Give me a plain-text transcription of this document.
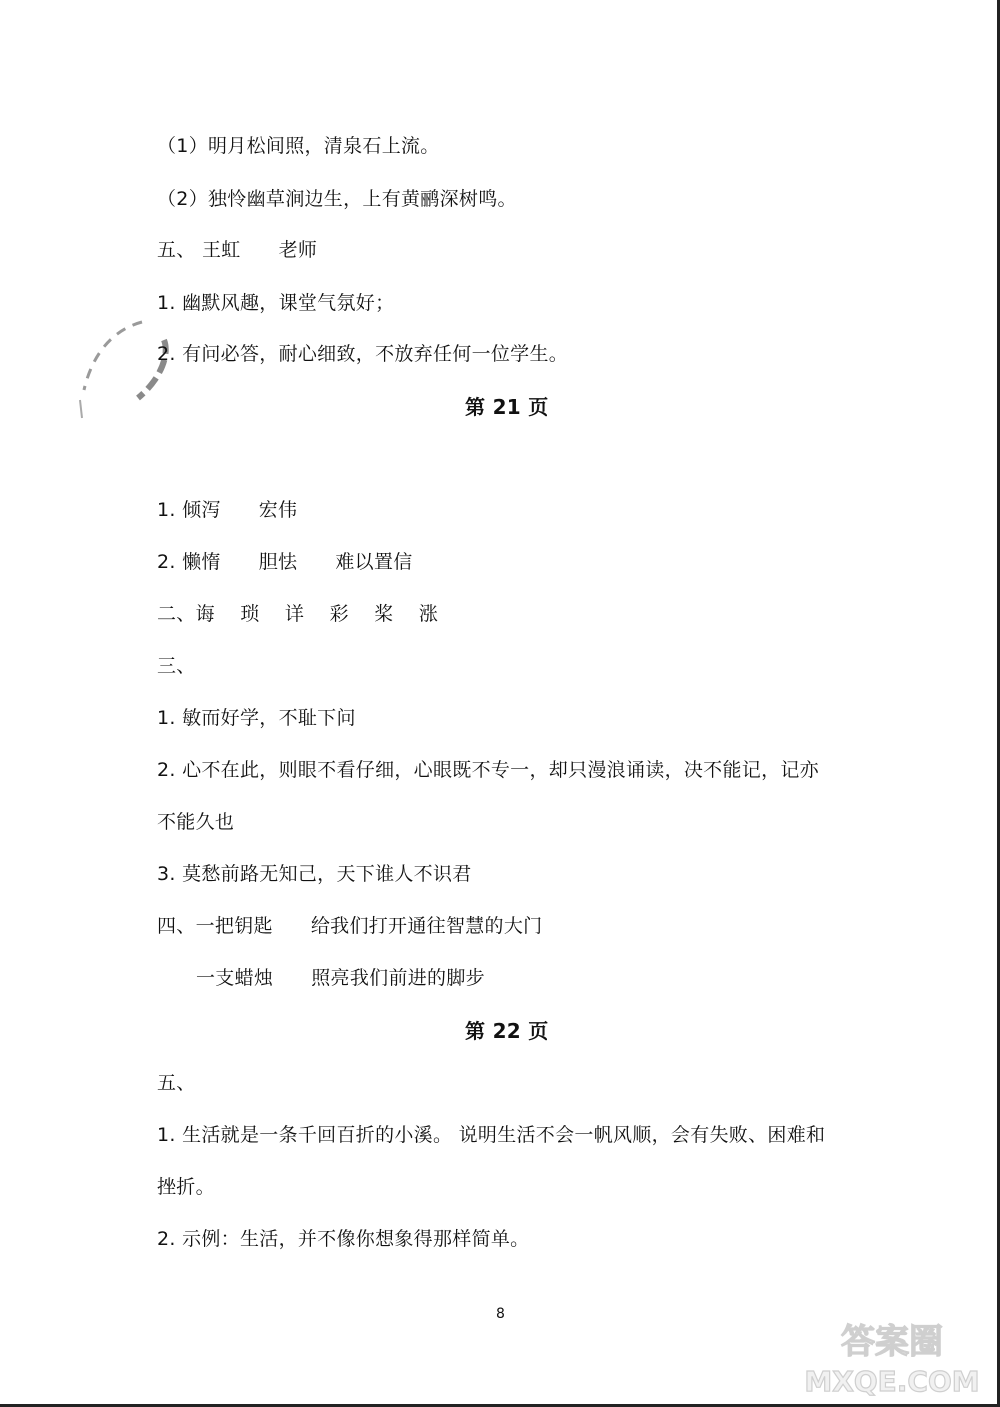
（1）明月松间照，清泉石上流。
（2）独怜幽草涧边生，上有黄鹂深树鸣。
五、 王虹      老师
1. 幽默风趣，课堂气氛好；
2. 有问必答，耐心细致，不放弃任何一位学生。
第 21 页
1. 倾泻      宏伟
2. 懒惰      胆怯      难以置信
二、诲    琐    详    彩    桨    涨
三、
1. 敏而好学，不耻下问
2. 心不在此，则眼不看仔细，心眼既不专一，却只漫浪诵读，决不能记，记亦
不能久也
3. 莫愁前路无知己，天下谁人不识君
四、一把钥匙      给我们打开通往智慧的大门
一支蜡烛      照亮我们前进的脚步
第 22 页
五、
1. 生活就是一条千回百折的小溪。 说明生活不会一帆风顺，会有失败、困难和
挫折。
2. 示例：生活，并不像你想象得那样简单。
8
答案圈
MXQE.COM
